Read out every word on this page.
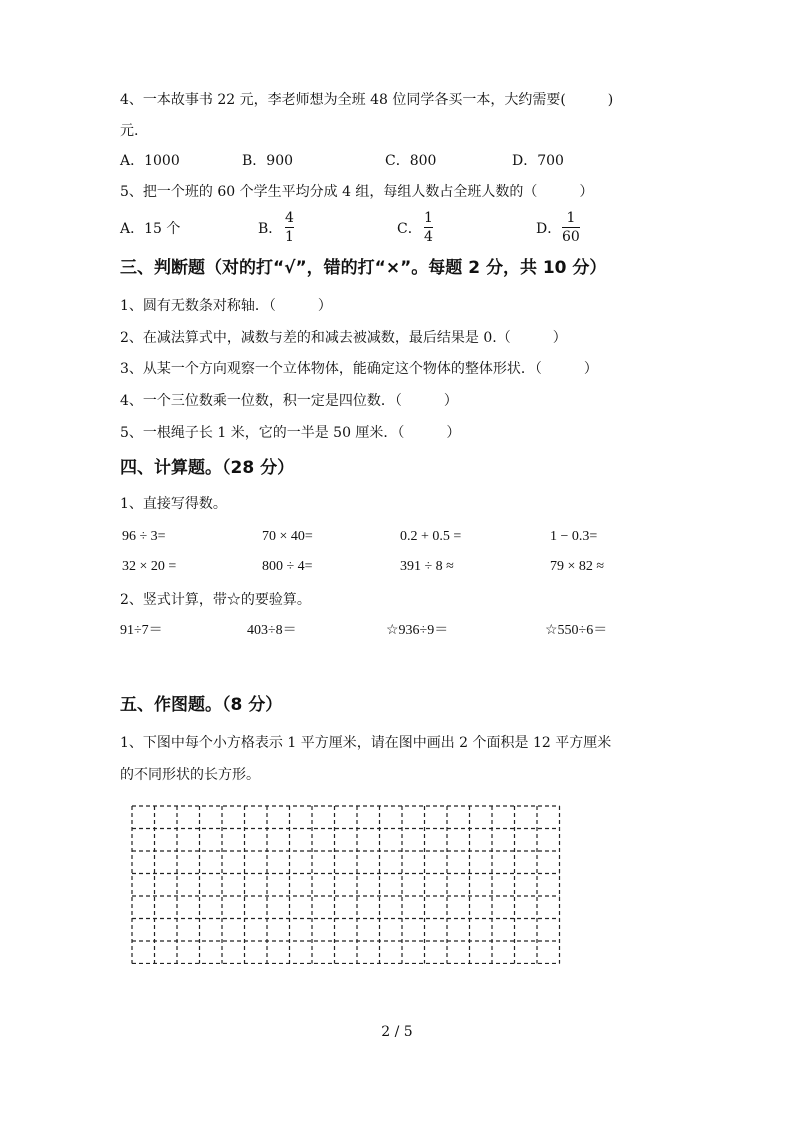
4、一本故事书 22 元，李老师想为全班 48 位同学各买一本，大约需要(　　　)
元.
A．1000	B．900	C．800	D．700
5、把一个班的 60 个学生平均分成 4 组，每组人数占全班人数的（　　　）
A．15 个	B．
4
1	C．
1
4	D．
1
60
三、判断题（对的打“√”，错的打“×”。每题 2 分，共 10 分）
1、圆有无数条对称轴．（　　　）
2、在减法算式中，减数与差的和减去被减数，最后结果是 0.（　　　）
3、从某一个方向观察一个立体物体，能确定这个物体的整体形状．（　　　）
4、一个三位数乘一位数，积一定是四位数．（　　　）
5、一根绳子长 1 米，它的一半是 50 厘米．（　　　）
四、计算题。（28 分）
1、直接写得数。
96 ÷ 3=	70 × 40=	0.2 + 0.5 =	1 − 0.3=
32 × 20 =	800 ÷ 4=	391 ÷ 8 ≈	79 × 82 ≈
2、竖式计算，带☆的要验算。
91÷7＝	403÷8＝	☆936÷9＝	☆550÷6＝
五、作图题。（8 分）
1、下图中每个小方格表示 1 平方厘米，请在图中画出 2 个面积是 12 平方厘米
的不同形状的长方形。
2 / 5
